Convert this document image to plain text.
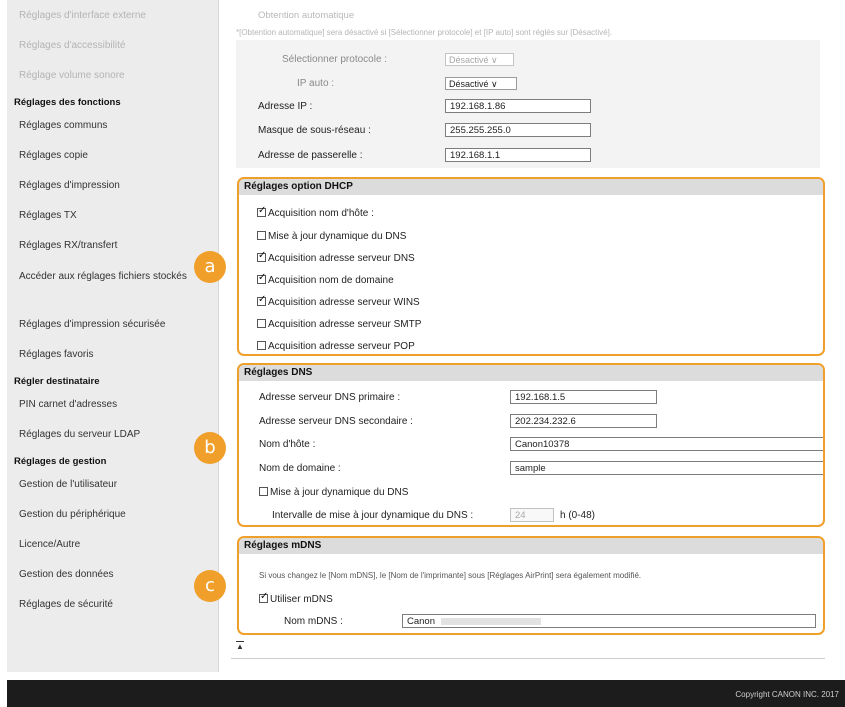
Réglages d'interface externe
Réglages d'accessibilité
Réglage volume sonore
Réglages des fonctions
Réglages communs
Réglages copie
Réglages d'impression
Réglages TX
Réglages RX/transfert
Accéder aux réglages fichiers stockés
Réglages d'impression sécurisée
Réglages favoris
Régler destinataire
PIN carnet d'adresses
Réglages du serveur LDAP
Réglages de gestion
Gestion de l'utilisateur
Gestion du périphérique
Licence/Autre
Gestion des données
Réglages de sécurité
Obtention automatique
*[Obtention automatique] sera désactivé si [Sélectionner protocole] et [IP auto] sont réglés sur [Désactivé].
Sélectionner protocole :	Désactivé ∨
IP auto :	Désactivé ∨
Adresse IP :	192.168.1.86
Masque de sous-réseau :	255.255.255.0
Adresse de passerelle :	192.168.1.1
Réglages option DHCP
✓Acquisition nom d'hôte :
Mise à jour dynamique du DNS
✓Acquisition adresse serveur DNS
✓Acquisition nom de domaine
✓Acquisition adresse serveur WINS
Acquisition adresse serveur SMTP
Acquisition adresse serveur POP
Réglages DNS
Adresse serveur DNS primaire :	192.168.1.5
Adresse serveur DNS secondaire :	202.234.232.6
Nom d'hôte :	Canon10378
Nom de domaine :	sample
Mise à jour dynamique du DNS
Intervalle de mise à jour dynamique du DNS :	24	h (0-48)
Réglages mDNS
Si vous changez le [Nom mDNS], le [Nom de l'imprimante] sous [Réglages AirPrint] sera également modifié.
✓Utiliser mDNS
Nom mDNS :	Canon
a
b
c
▲
Copyright CANON INC. 2017
